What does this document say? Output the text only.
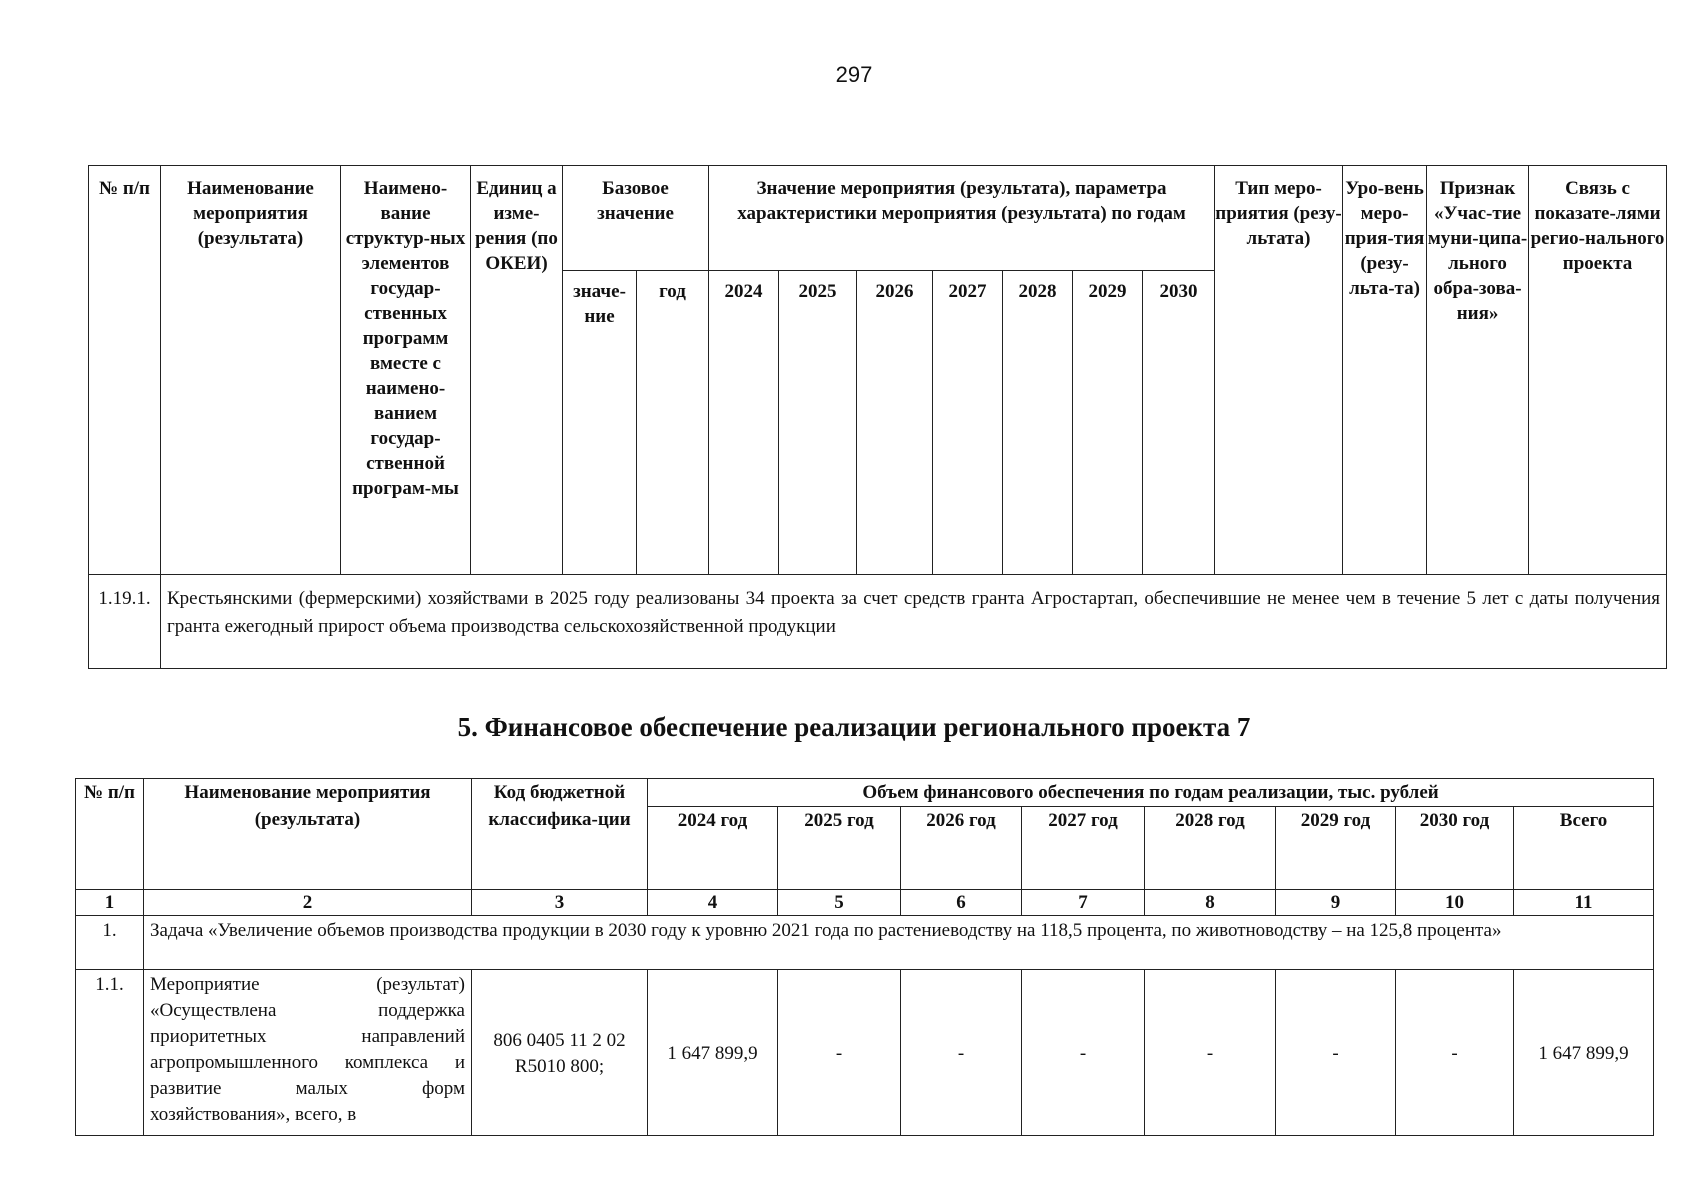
297
№ п/п	Наименование мероприятия (результата)	Наимено-вание структур-ных элементов государ-ственных программ вместе с наимено-ванием государ-ственной програм-мы	Единиц а изме-рения (по ОКЕИ)	Базовое значение		Значение мероприятия (результата), параметра характеристики мероприятия (результата) по годам							Тип меро-приятия (резу-льтата)	Уро-вень меро-прия-тия (резу-льта-та)	Признак «Учас-тие муни-ципа-льного обра-зова-ния»	Связь с показате-лями регио-нального проекта
				значе-ние	год	2024	2025	2026	2027	2028	2029	2030				
1.19.1.	Крестьянскими (фермерскими) хозяйствами в 2025 году реализованы 34 проекта за счет средств гранта Агростартап, обеспечившие не менее чем в течение 5 лет с даты получения гранта ежегодный прирост объема производства сельскохозяйственной продукции															
5. Финансовое обеспечение реализации регионального проекта 7
№ п/п	Наименование мероприятия (результата)	Код бюджетной классифика-ции	Объем финансового обеспечения по годам реализации, тыс. рублей							
			2024 год	2025 год	2026 год	2027 год	2028 год	2029 год	2030 год	Всего
1	2	3	4	5	6	7	8	9	10	11
1.	Задача «Увеличение объемов производства продукции в 2030 году к уровню 2021 года по растениеводству на 118,5 процента, по животноводству – на 125,8 процента»									
1.1.	Мероприятие (результат) «Осуществлена поддержка приоритетных направлений агропромышленного комплекса и развитие малых форм хозяйствования», всего, в	806 0405 11 2 02 R5010 800;	1 647 899,9	-	-	-	-	-	-	1 647 899,9
